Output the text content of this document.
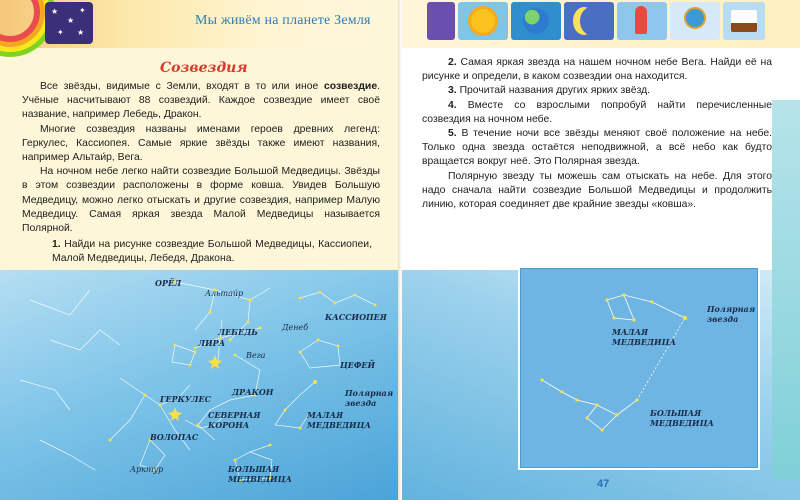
★
★
✦
✦ ★
Созвездия

Все звёзды, видимые с Земли, входят в то или иное созвездие. Учёные насчитывают 88 созвездий. Каждое созвездие имеет своё название, например Лебедь, Дракон.

Многие созвездия названы именами героев древних легенд: Геркулес, Кассиопея. Самые яркие звёзды также имеют названия, например Альтаи́р, Вега.

На ночном небе легко найти созвездие Большой Медведицы. Звёзды в этом созвездии расположены в форме ковша. Увидев Большую Медведицу, можно легко отыскать и другие созвездия, например Малую Медведицу. Самая яркая звезда Малой Медведицы называется Полярной.

1. Найди на рисунке созвездие Большой Медведицы, Кассиопеи, Малой Медведицы, Лебедя, Дракона.
ОРЁЛ
Альтаи́р
Денеб
КАССИОПЕЯ
ЛЕБЕДЬ
ЛИРА
Вега
ЦЕФЕЙ
ДРАКОН	Полярная
звезда
ГЕРКУЛЕС
СЕВЕРНАЯ
КОРОНА
МАЛАЯ
МЕДВЕДИЦА
ВОЛОПАС
Арктур	БОЛЬШАЯ
МЕДВЕДИЦА

2. Самая яркая звезда на нашем ночном небе Вега. Найди её на рисунке и определи, в каком созвездии она находится.

3. Прочитай названия других ярких звёзд.

4. Вместе со взрослыми попробуй найти перечисленные созвездия на ночном небе.

5. В течение ночи все звёзды меняют своё положение на небе. Только одна звезда остаётся неподвижной, а всё небо как будто вращается вокруг неё. Это Полярная звезда.

Полярную звезду ты можешь сам отыскать на небе. Для этого надо сначала найти созвездие Большой Медведицы и продолжить линию, которая соединяет две крайние звезды «ковша».

Полярная
звезда
МАЛАЯ
МЕДВЕДИЦА
БОЛЬШАЯ
МЕДВЕДИЦА
47
Мы живём на планете Земля
